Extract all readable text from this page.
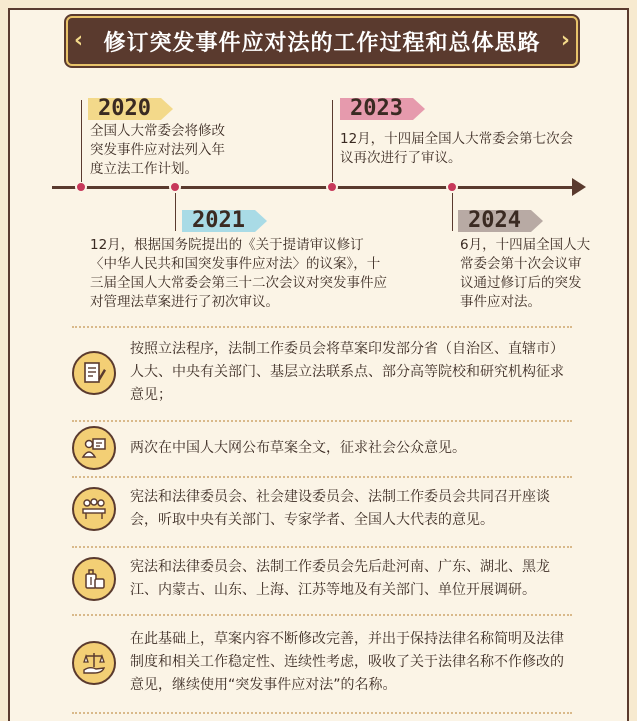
‹ 修订突发事件应对法的工作过程和总体思路 ›
2020
全国人大常委会将修改突发事件应对法列入年度立法工作计划。
2021
12月，根据国务院提出的《关于提请审议修订〈中华人民共和国突发事件应对法〉的议案》，十三届全国人大常委会第三十二次会议对突发事件应对管理法草案进行了初次审议。
2023
12月，十四届全国人大常委会第七次会议再次进行了审议。
2024
6月，十四届全国人大常委会第十次会议审议通过修订后的突发事件应对法。
按照立法程序，法制工作委员会将草案印发部分省（自治区、直辖市）人大、中央有关部门、基层立法联系点、部分高等院校和研究机构征求意见；
两次在中国人大网公布草案全文，征求社会公众意见。
宪法和法律委员会、社会建设委员会、法制工作委员会共同召开座谈会，听取中央有关部门、专家学者、全国人大代表的意见。
宪法和法律委员会、法制工作委员会先后赴河南、广东、湖北、黑龙江、内蒙古、山东、上海、江苏等地及有关部门、单位开展调研。
在此基础上，草案内容不断修改完善，并出于保持法律名称简明及法律制度和相关工作稳定性、连续性考虑，吸收了关于法律名称不作修改的意见，继续使用“突发事件应对法”的名称。
